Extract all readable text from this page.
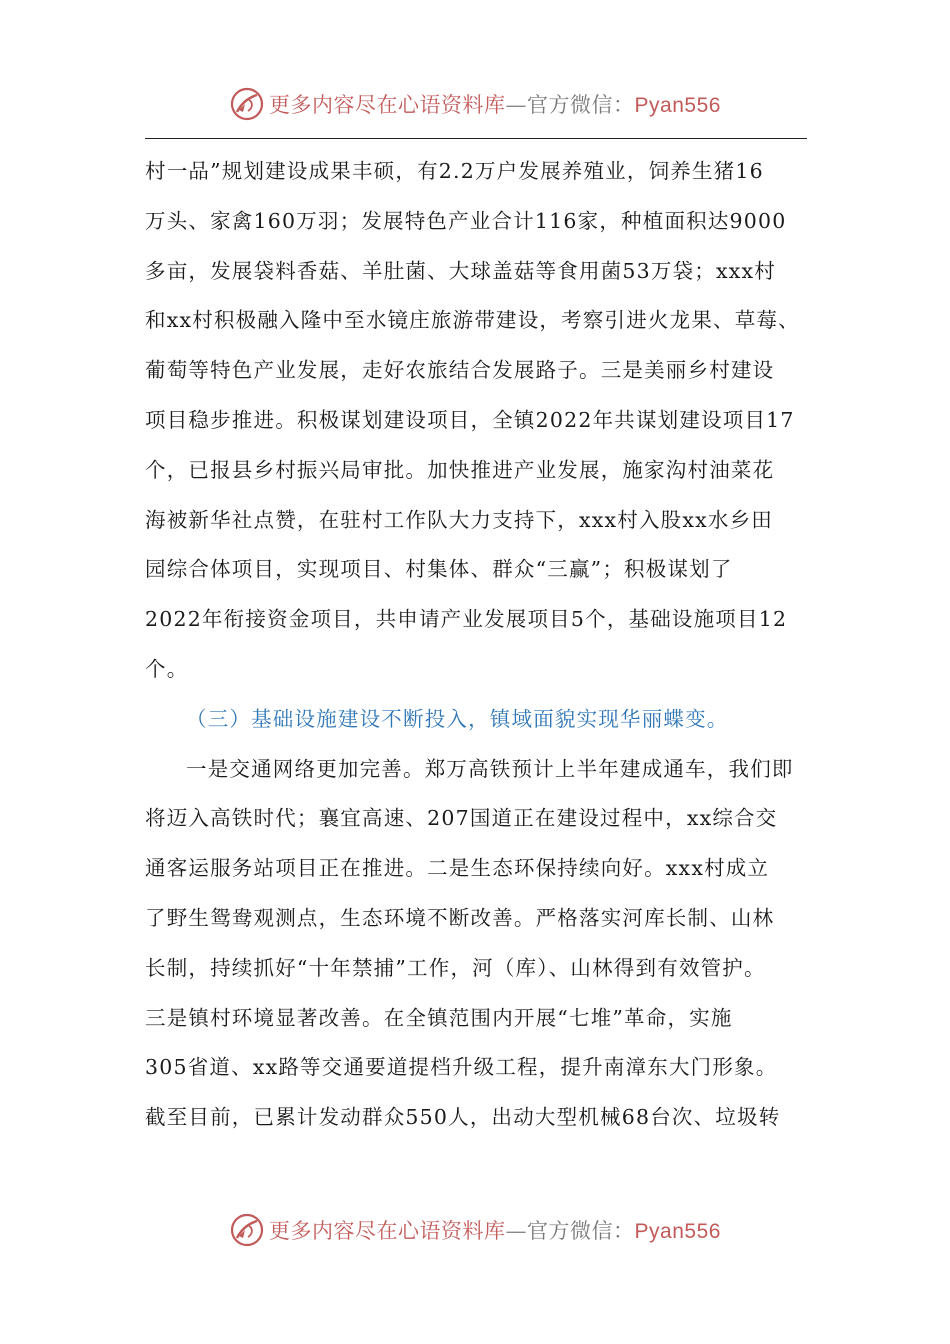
更多内容尽在心语资料库—官方微信：Pyan556
村一品”规划建设成果丰硕，有2.2万户发展养殖业，饲养生猪16
万头、家禽160万羽；发展特色产业合计116家，种植面积达9000
多亩，发展袋料香菇、羊肚菌、大球盖菇等食用菌53万袋；xxx村
和xx村积极融入隆中至水镜庄旅游带建设，考察引进火龙果、草莓、
葡萄等特色产业发展，走好农旅结合发展路子。三是美丽乡村建设
项目稳步推进。积极谋划建设项目，全镇2022年共谋划建设项目17
个，已报县乡村振兴局审批。加快推进产业发展，施家沟村油菜花
海被新华社点赞，在驻村工作队大力支持下，xxx村入股xx水乡田
园综合体项目，实现项目、村集体、群众“三赢”；积极谋划了
2022年衔接资金项目，共申请产业发展项目5个，基础设施项目12
个。
（三）基础设施建设不断投入，镇域面貌实现华丽蝶变。
一是交通网络更加完善。郑万高铁预计上半年建成通车，我们即
将迈入高铁时代；襄宜高速、207国道正在建设过程中，xx综合交
通客运服务站项目正在推进。二是生态环保持续向好。xxx村成立
了野生鸳鸯观测点，生态环境不断改善。严格落实河库长制、山林
长制，持续抓好“十年禁捕”工作，河（库）、山林得到有效管护。
三是镇村环境显著改善。在全镇范围内开展“七堆”革命，实施
305省道、xx路等交通要道提档升级工程，提升南漳东大门形象。
截至目前，已累计发动群众550人，出动大型机械68台次、垃圾转
更多内容尽在心语资料库—官方微信：Pyan556
